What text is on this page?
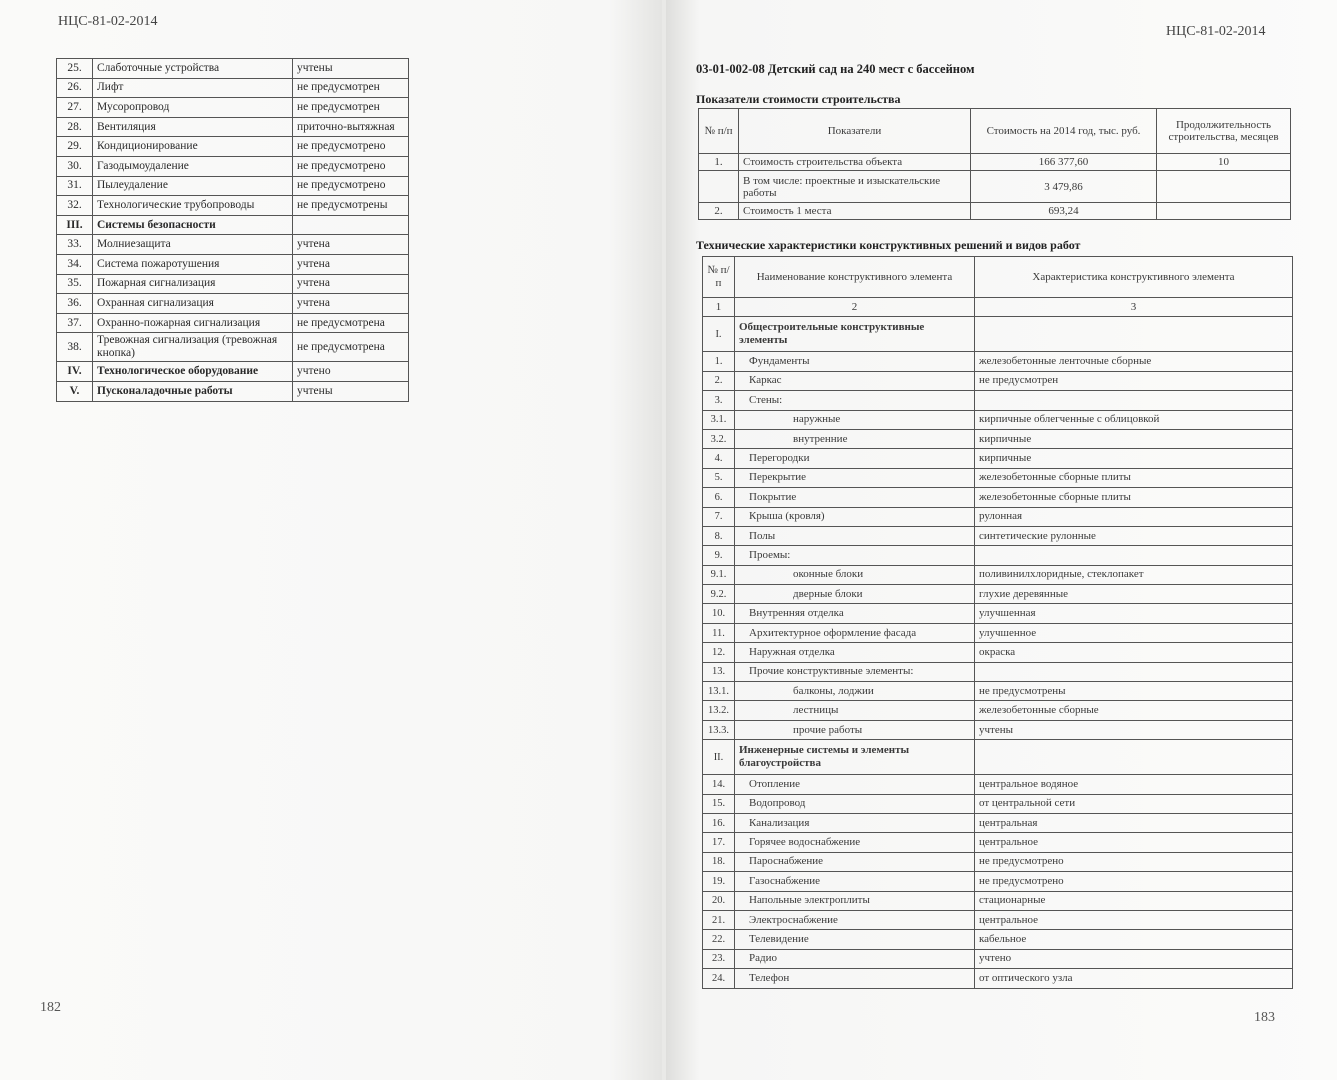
НЦС-81-02-2014
25.	Слаботочные устройства	учтены
26.	Лифт	не предусмотрен
27.	Мусоропровод	не предусмотрен
28.	Вентиляция	приточно-вытяжная
29.	Кондиционирование	не предусмотрено
30.	Газодымоудаление	не предусмотрено
31.	Пылеудаление	не предусмотрено
32.	Технологические трубопроводы	не предусмотрены
III.	Системы безопасности	
33.	Молниезащита	учтена
34.	Система пожаротушения	учтена
35.	Пожарная сигнализация	учтена
36.	Охранная сигнализация	учтена
37.	Охранно-пожарная сигнализация	не предусмотрена
38.	Тревожная сигнализация (тревожная кнопка)	не предусмотрена
IV.	Технологическое оборудование	учтено
V.	Пусконаладочные работы	учтены
182
НЦС-81-02-2014
03-01-002-08 Детский сад на 240 мест с бассейном
Показатели стоимости строительства
№ п/п	Показатели	Стоимость на 2014 год, тыс. руб.	Продолжительность строительства, месяцев
1.	Стоимость строительства объекта	166 377,60	10
	В том числе: проектные и изыскательские работы	3 479,86	
2.	Стоимость 1 места	693,24	
Технические характеристики конструктивных решений и видов работ
№ п/п	Наименование конструктивного элемента	Характеристика конструктивного элемента
1	2	3
I.	Общестроительные конструктивные элементы	
1.	Фундаменты	железобетонные ленточные сборные
2.	Каркас	не предусмотрен
3.	Стены:	
3.1.	наружные	кирпичные облегченные с облицовкой
3.2.	внутренние	кирпичные
4.	Перегородки	кирпичные
5.	Перекрытие	железобетонные сборные плиты
6.	Покрытие	железобетонные сборные плиты
7.	Крыша (кровля)	рулонная
8.	Полы	синтетические рулонные
9.	Проемы:	
9.1.	оконные блоки	поливинилхлоридные, стеклопакет
9.2.	дверные блоки	глухие деревянные
10.	Внутренняя отделка	улучшенная
11.	Архитектурное оформление фасада	улучшенное
12.	Наружная отделка	окраска
13.	Прочие конструктивные элементы:	
13.1.	балконы, лоджии	не предусмотрены
13.2.	лестницы	железобетонные сборные
13.3.	прочие работы	учтены
II.	Инженерные системы и элементы благоустройства	
14.	Отопление	центральное водяное
15.	Водопровод	от центральной сети
16.	Канализация	центральная
17.	Горячее водоснабжение	центральное
18.	Пароснабжение	не предусмотрено
19.	Газоснабжение	не предусмотрено
20.	Напольные электроплиты	стационарные
21.	Электроснабжение	центральное
22.	Телевидение	кабельное
23.	Радио	учтено
24.	Телефон	от оптического узла
183
